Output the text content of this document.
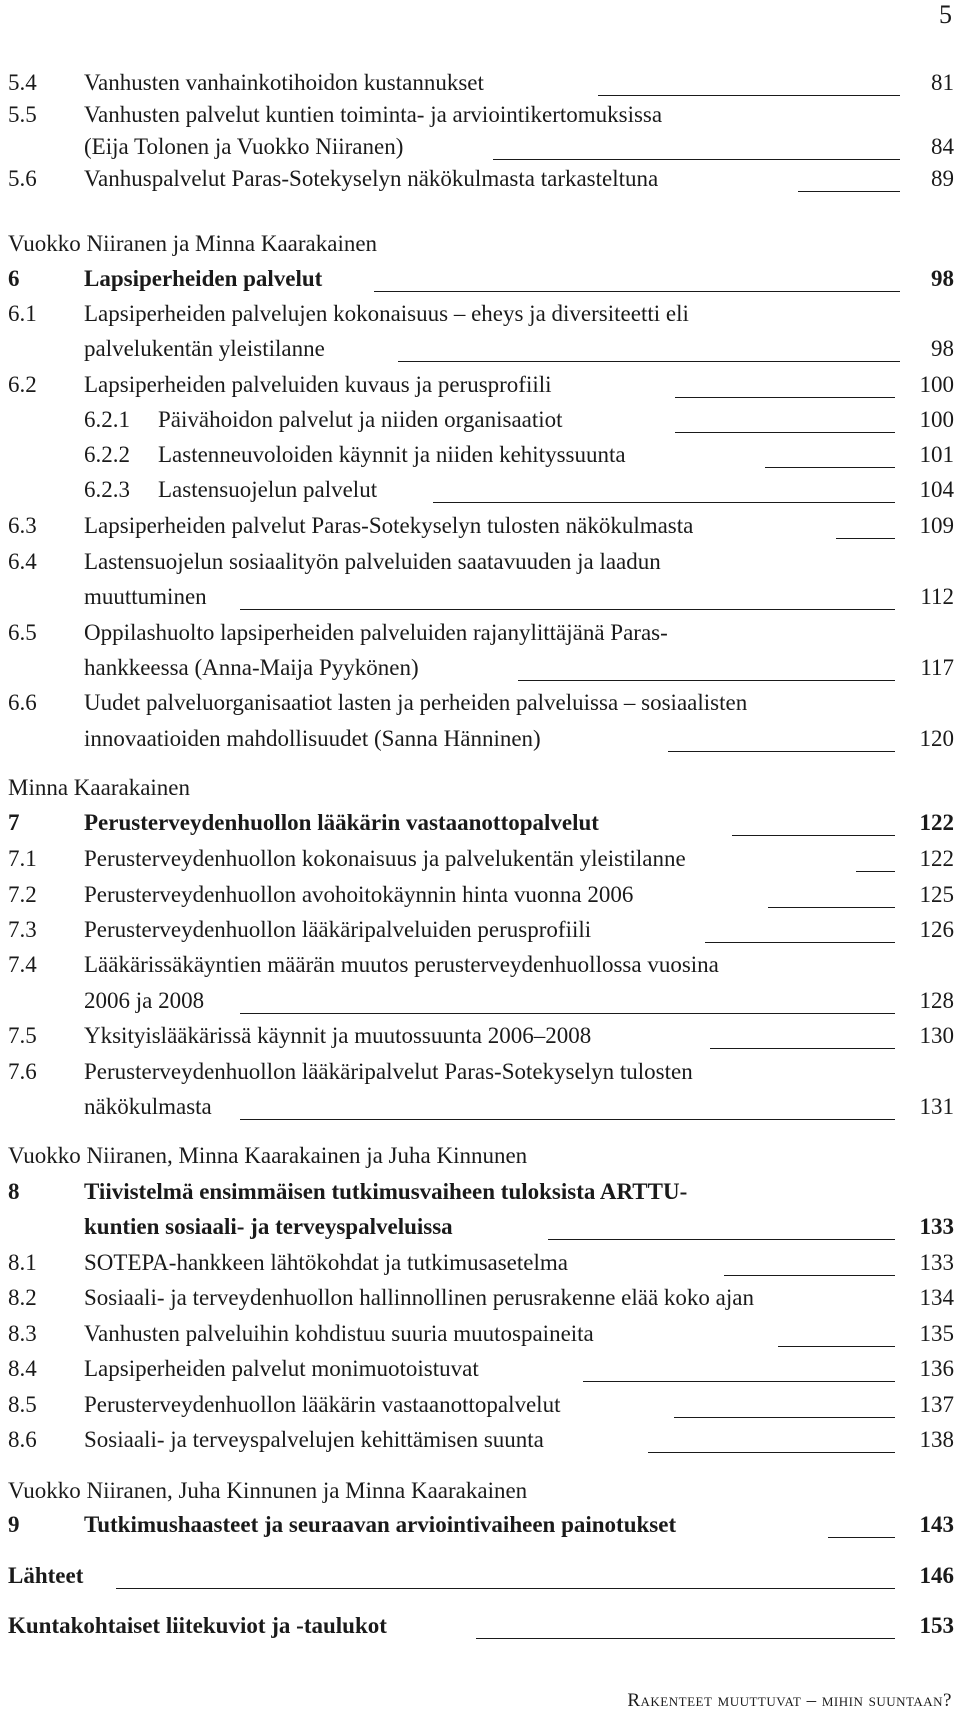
5
5.4 Vanhusten vanhainkotihoidon kustannukset	81
5.5 Vanhusten palvelut kuntien toiminta- ja arviointikertomuksissa
(Eija Tolonen ja Vuokko Niiranen)	84
5.6 Vanhuspalvelut Paras-Sotekyselyn näkökulmasta tarkasteltuna	89
Vuokko Niiranen ja Minna Kaarakainen
6	Lapsiperheiden palvelut	98
6.1 Lapsiperheiden palvelujen kokonaisuus – eheys ja diversiteetti eli
palvelukentän yleistilanne	98
6.2 Lapsiperheiden palveluiden kuvaus ja perusprofiili	100
6.2.1 Päivähoidon palvelut ja niiden organisaatiot	100
6.2.2 Lastenneuvoloiden käynnit ja niiden kehityssuunta	101
6.2.3 Lastensuojelun palvelut	104
6.3 Lapsiperheiden palvelut Paras-Sotekyselyn tulosten näkökulmasta	109
6.4 Lastensuojelun sosiaalityön palveluiden saatavuuden ja laadun
muuttuminen	112
6.5 Oppilashuolto lapsiperheiden palveluiden rajanylittäjänä Paras-
hankkeessa (Anna-Maija Pyykönen)	117
6.6 Uudet palveluorganisaatiot lasten ja perheiden palveluissa – sosiaalisten
innovaatioiden mahdollisuudet (Sanna Hänninen)	120
Minna Kaarakainen
7	Perusterveydenhuollon lääkärin vastaanottopalvelut	122
7.1 Perusterveydenhuollon kokonaisuus ja palvelukentän yleistilanne	122
7.2 Perusterveydenhuollon avohoitokäynnin hinta vuonna 2006	125
7.3 Perusterveydenhuollon lääkäripalveluiden perusprofiili	126
7.4 Lääkärissäkäyntien määrän muutos perusterveydenhuollossa vuosina
2006 ja 2008	128
7.5 Yksityislääkärissä käynnit ja muutossuunta 2006–2008	130
7.6 Perusterveydenhuollon lääkäripalvelut Paras-Sotekyselyn tulosten
näkökulmasta	131
Vuokko Niiranen, Minna Kaarakainen ja Juha Kinnunen
8	Tiivistelmä ensimmäisen tutkimusvaiheen tuloksista ARTTU-
kuntien sosiaali- ja terveyspalveluissa	133
8.1 SOTEPA-hankkeen lähtökohdat ja tutkimusasetelma	133
8.2 Sosiaali- ja terveydenhuollon hallinnollinen perusrakenne elää koko ajan	134
8.3 Vanhusten palveluihin kohdistuu suuria muutospaineita	135
8.4 Lapsiperheiden palvelut monimuotoistuvat	136
8.5 Perusterveydenhuollon lääkärin vastaanottopalvelut	137
8.6 Sosiaali- ja terveyspalvelujen kehittämisen suunta	138
Vuokko Niiranen, Juha Kinnunen ja Minna Kaarakainen
9	Tutkimushaasteet ja seuraavan arviointivaiheen painotukset	143
Lähteet	146
Kuntakohtaiset liitekuviot ja -taulukot	153
Rakenteet muuttuvat – mihin suuntaan?
